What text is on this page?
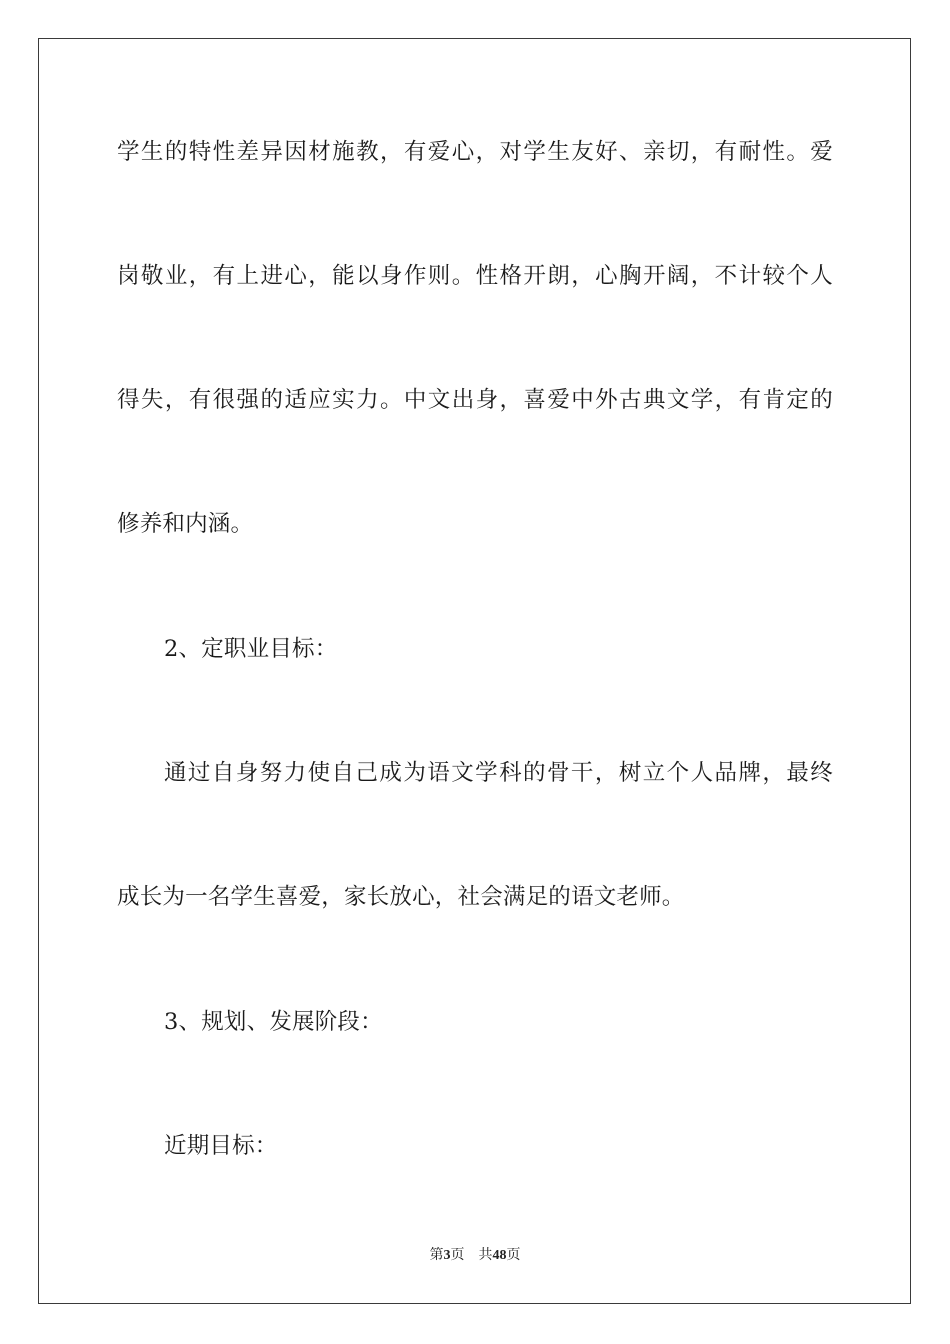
学生的特性差异因材施教，有爱心，对学生友好、亲切，有耐性。爱
岗敬业，有上进心，能以身作则。性格开朗，心胸开阔，不计较个人
得失，有很强的适应实力。中文出身，喜爱中外古典文学，有肯定的
修养和内涵。
2、定职业目标：
通过自身努力使自己成为语文学科的骨干，树立个人品牌，最终
成长为一名学生喜爱，家长放心，社会满足的语文老师。
3、规划、发展阶段：
近期目标：
第3页 共48页
